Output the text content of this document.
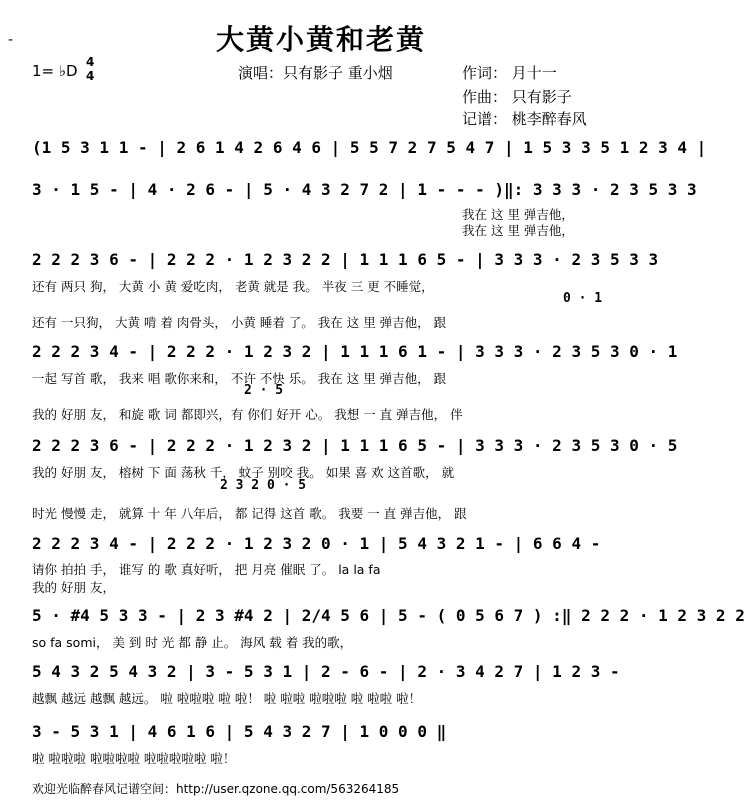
-	大黄小黄和老黄
1= ♭D 4
4	演唱：只有影子 重小烟	作词： 月十一
作曲： 只有影子
记谱： 桃李醉春风
(1 5 3 1 1 - | 2 6 1 4 2 6 4 6 | 5 5 7 2 7 5 4 7 | 1 5 3 3 5 1 2 3 4 |
3 · 1 5 - | 4 · 2 6 - | 5 · 4 3 2 7 2 | 1 - - - )‖: 3 3 3 · 2 3 5 3 3
我在 这 里 弹吉他，
我在 这 里 弹吉他，
2 2 2 3 6 - | 2 2 2 · 1 2 3 2 2 | 1 1 1 6 5 - | 3 3 3 · 2 3 5 3 3
还有 两只 狗， 大黄 小 黄 爱吃肉， 老黄 就是 我。 半夜 三 更 不睡觉，
0 · 1
还有 一只狗， 大黄 啃 着 肉骨头， 小黄 睡着 了。 我在 这 里 弹吉他， 跟
2 2 2 3 4 - | 2 2 2 · 1 2 3 2 | 1 1 1 6 1 - | 3 3 3 · 2 3 5 3 0 · 1
一起 写首 歌， 我来 唱 歌你来和， 不许 不快 乐。 我在 这 里 弹吉他， 跟
2 · 5
我的 好朋 友， 和旋 歌 词 都即兴，有 你们 好开 心。 我想 一 直 弹吉他， 伴
2 2 2 3 6 - | 2 2 2 · 1 2 3 2 | 1 1 1 6 5 - | 3 3 3 · 2 3 5 3 0 · 5
我的 好朋 友， 榕树 下 面 荡秋 千， 蚊子 别咬 我。 如果 喜 欢 这首歌， 就
2 3 2 0 · 5
时光 慢慢 走， 就算 十 年 八年后， 都 记得 这首 歌。 我要 一 直 弹吉他， 跟
2 2 2 3 4 - | 2 2 2 · 1 2 3 2 0 · 1 | 5 4 3 2 1 - | 6 6 4 -
请你 拍拍 手， 谁写 的 歌 真好听， 把 月亮 催眠 了。 la la fa
我的 好朋 友，
5 · #4 5 3 3 - | 2 3 #4 2 | 2/4 5 6 | 5 - ( 0 5 6 7 ) :‖ 2 2 2 · 1 2 3 2 2
so fa somi， 美 到 时 光 都 静 止。 海风 载 着 我的歌，
5 4 3 2 5 4 3 2 | 3 - 5 3 1 | 2 - 6 - | 2 · 3 4 2 7 | 1 2 3 -
越飘 越远 越飘 越远。 啦 啦啦啦 啦 啦！ 啦 啦啦 啦啦啦 啦 啦啦 啦！
3 - 5 3 1 | 4 6 1 6 | 5 4 3 2 7 | 1 0 0 0 ‖
啦 啦啦啦 啦啦啦啦 啦啦啦啦啦 啦！
欢迎光临醉春风记谱空间：http://user.qzone.qq.com/563264185
